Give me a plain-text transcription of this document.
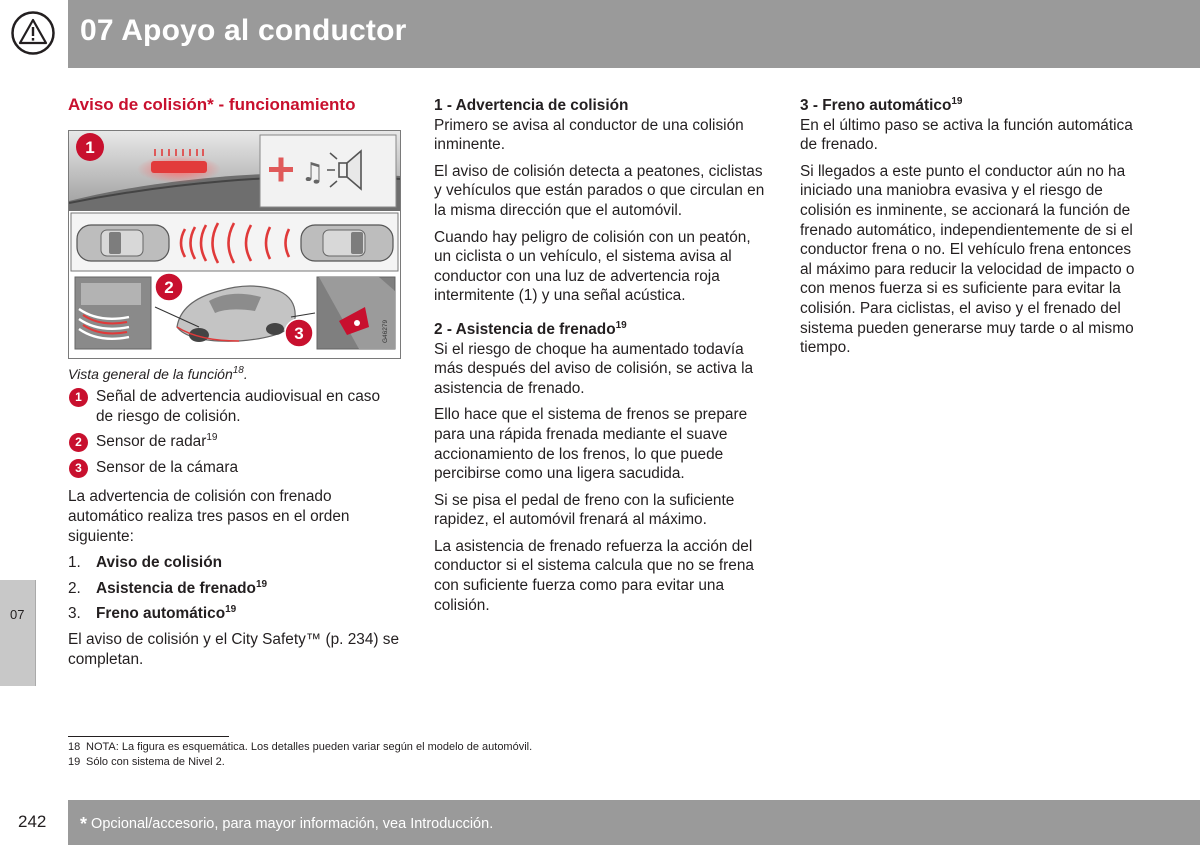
07 Apoyo al conductor
07
Aviso de colisión* - funcionamiento
♫
G46279
1
2
3
Vista general de la función$^{18}$.
1 Señal de advertencia audiovisual en caso de riesgo de colisión.
2 Sensor de radar$^{19}$
3 Sensor de la cámara

La advertencia de colisión con frenado automático realiza tres pasos en el orden siguiente:

1. Aviso de colisión
2. Asistencia de frenado$^{19}$
3. Freno automático$^{19}$

El aviso de colisión y el City Safety™ (p. 234) se completan.

1 - Advertencia de colisión

Primero se avisa al conductor de una colisión inminente.

El aviso de colisión detecta a peatones, ciclistas y vehículos que están parados o que circulan en la misma dirección que el automóvil.

Cuando hay peligro de colisión con un peatón, un ciclista o un vehículo, el sistema avisa al conductor con una luz de advertencia roja intermitente (1) y una señal acústica.

2 - Asistencia de frenado$^{19}$

Si el riesgo de choque ha aumentado todavía más después del aviso de colisión, se activa la asistencia de frenado.

Ello hace que el sistema de frenos se prepare para una rápida frenada mediante el suave accionamiento de los frenos, lo que puede percibirse como una ligera sacudida.

Si se pisa el pedal de freno con la suficiente rapidez, el automóvil frenará al máximo.

La asistencia de frenado refuerza la acción del conductor si el sistema calcula que no se frena con suficiente fuerza como para evitar una colisión.

3 - Freno automático$^{19}$

En el último paso se activa la función automática de frenado.

Si llegados a este punto el conductor aún no ha iniciado una maniobra evasiva y el riesgo de colisión es inminente, se accionará la función de frenado automático, independientemente de si el conductor frena o no. El vehículo frena entonces al máximo para reducir la velocidad de impacto o con menos fuerza si es suficiente para evitar la colisión. Para ciclistas, el aviso y el frenado del sistema pueden generarse muy tarde o al mismo tiempo.

18 NOTA: La figura es esquemática. Los detalles pueden variar según el modelo de automóvil.
19 Sólo con sistema de Nivel 2.
242 * Opcional/accesorio, para mayor información, vea Introducción.
